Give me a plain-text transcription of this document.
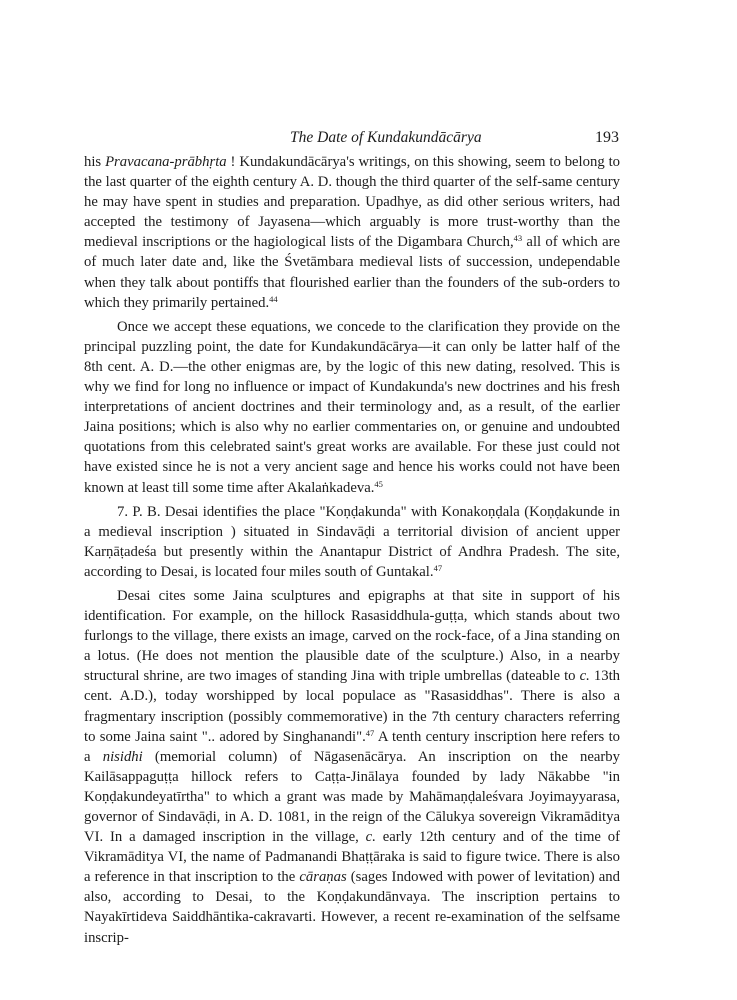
The Date of Kundakundācārya	193

his Pravacana-prābhṛta ! Kundakundācārya's writings, on this showing, seem to belong to the last quarter of the eighth century A. D. though the third quarter of the self-same century he may have spent in studies and preparation. Upadhye, as did other serious writers, had accepted the testimony of Jayasena—which arguably is more trust-worthy than the medieval inscriptions or the hagiological lists of the Digambara Church,$^{43}$ all of which are of much later date and, like the Śvetāmbara medieval lists of succession, undependable when they talk about pontiffs that flourished earlier than the founders of the sub-orders to which they primarily pertained.$^{44}$

Once we accept these equations, we concede to the clarification they provide on the principal puzzling point, the date for Kundakundācārya—it can only be latter half of the 8th cent. A. D.—the other enigmas are, by the logic of this new dating, resolved. This is why we find for long no influence or impact of Kundakunda's new doctrines and his fresh interpretations of ancient doctrines and their terminology and, as a result, of the earlier Jaina positions; which is also why no earlier commentaries on, or genuine and undoubted quotations from this celebrated saint's great works are available. For these just could not have existed since he is not a very ancient sage and hence his works could not have been known at least till some time after Akalaṅkadeva.$^{45}$

7. P. B. Desai identifies the place "Koṇḍakunda" with Konakoṇḍala (Koṇḍakunde in a medieval inscription ) situated in Sindavāḍi a territorial division of ancient upper Karṇāṭadeśa but presently within the Anantapur District of Andhra Pradesh. The site, according to Desai, is located four miles south of Guntakal.$^{47}$

Desai cites some Jaina sculptures and epigraphs at that site in support of his identification. For example, on the hillock Rasasiddhula-guṭṭa, which stands about two furlongs to the village, there exists an image, carved on the rock-face, of a Jina standing on a lotus. (He does not mention the plausible date of the sculpture.) Also, in a nearby structural shrine, are two images of standing Jina with triple umbrellas (dateable to c. 13th cent. A.D.), today worshipped by local populace as "Rasasiddhas". There is also a fragmentary inscription (possibly commemorative) in the 7th century characters referring to some Jaina saint ".. adored by Singhanandi".$^{47}$ A tenth century inscription here refers to a nisidhi (memorial column) of Nāgasenācārya. An inscription on the nearby Kailāsappaguṭṭa hillock refers to Caṭṭa-Jinālaya founded by lady Nākabbe "in Koṇḍakundeyatīrtha" to which a grant was made by Mahāmaṇḍaleśvara Joyimayyarasa, governor of Sindavāḍi, in A. D. 1081, in the reign of the Cālukya sovereign Vikramāditya VI. In a damaged inscription in the village, c. early 12th century and of the time of Vikramāditya VI, the name of Padmanandi Bhaṭṭāraka is said to figure twice. There is also a reference in that inscription to the cāraṇas (sages Indowed with power of levitation) and also, according to Desai, to the Koṇḍakundānvaya. The inscription pertains to Nayakīrtideva Saiddhāntika-cakravarti. However, a recent re-examination of the selfsame inscrip-
